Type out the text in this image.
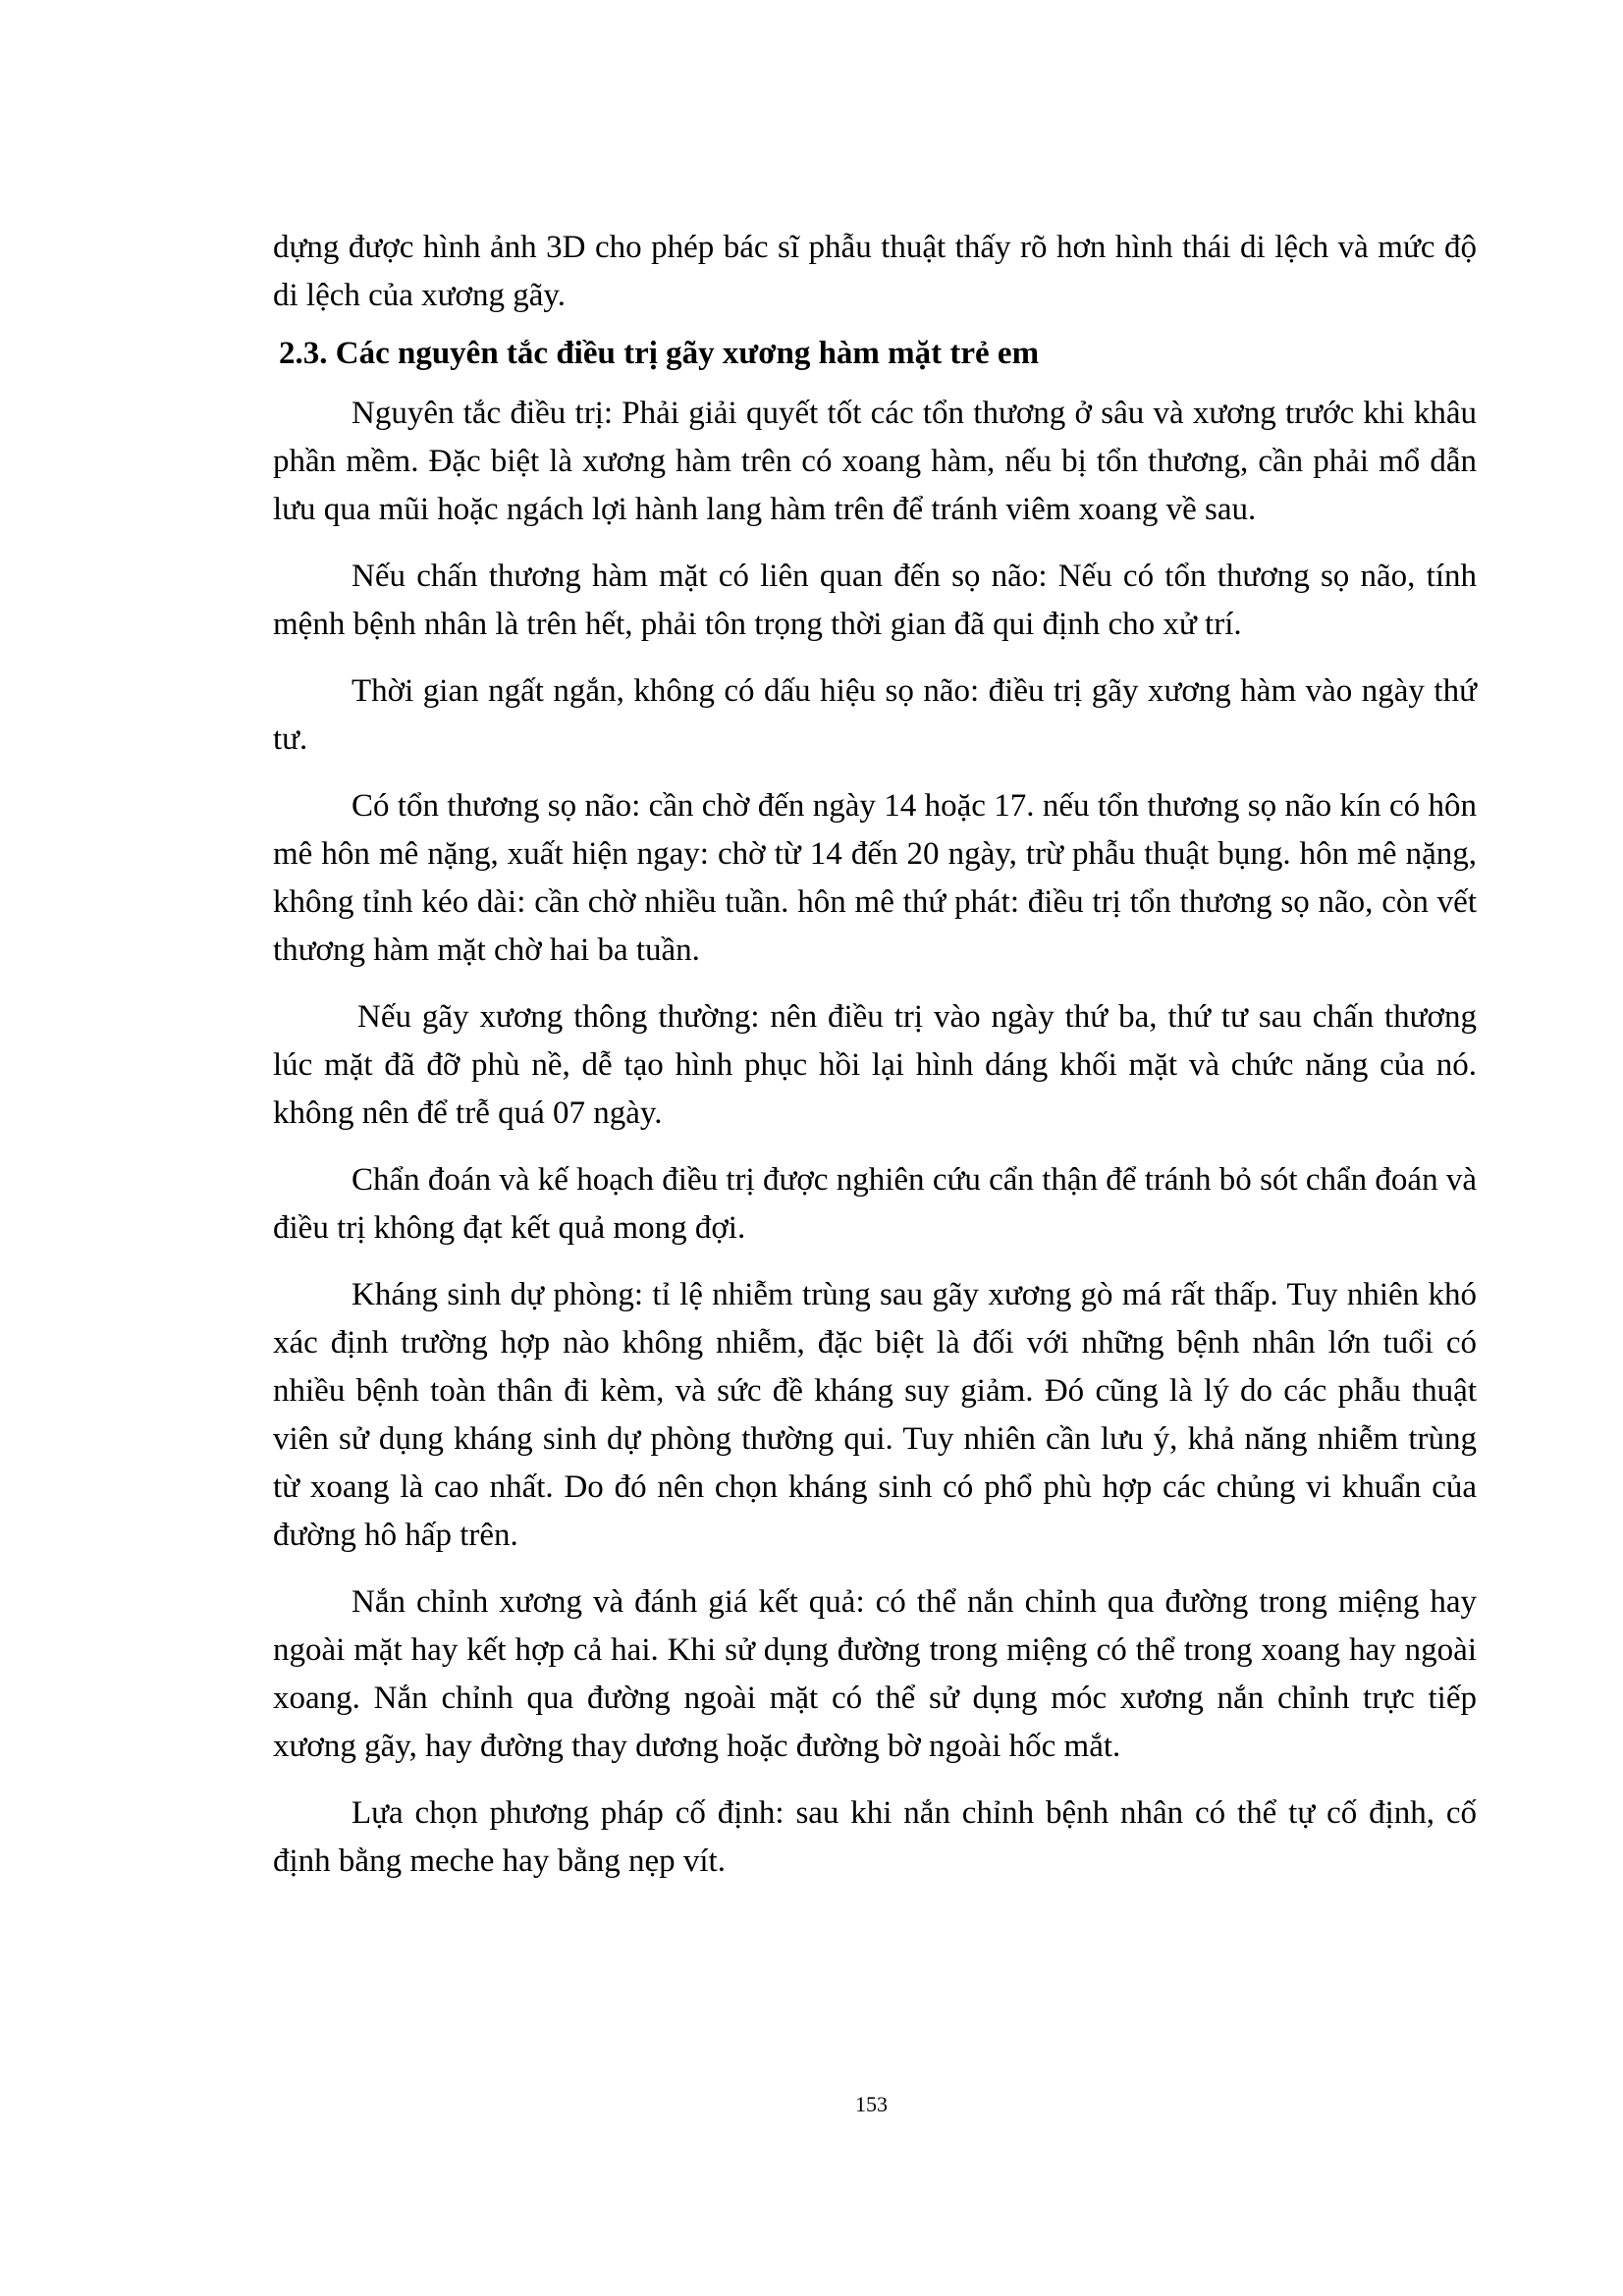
dựng được hình ảnh 3D cho phép bác sĩ phẫu thuật thấy rõ hơn hình thái di lệch và mức độ di lệch của xương gãy.

2.3. Các nguyên tắc điều trị gãy xương hàm mặt trẻ em

Nguyên tắc điều trị: Phải giải quyết tốt các tổn thương ở sâu và xương trước khi khâu phần mềm. Đặc biệt là xương hàm trên có xoang hàm, nếu bị tổn thương, cần phải mổ dẫn lưu qua mũi hoặc ngách lợi hành lang hàm trên để tránh viêm xoang về sau.

Nếu chấn thương hàm mặt có liên quan đến sọ não: Nếu có tổn thương sọ não, tính mệnh bệnh nhân là trên hết, phải tôn trọng thời gian đã qui định cho xử trí.

Thời gian ngất ngắn, không có dấu hiệu sọ não: điều trị gãy xương hàm vào ngày thứ tư.

Có tổn thương sọ não: cần chờ đến ngày 14 hoặc 17. nếu tổn thương sọ não kín có hôn mê hôn mê nặng, xuất hiện ngay: chờ từ 14 đến 20 ngày, trừ phẫu thuật bụng. hôn mê nặng, không tỉnh kéo dài: cần chờ nhiều tuần. hôn mê thứ phát: điều trị tổn thương sọ não, còn vết thương hàm mặt chờ hai ba tuần.

Nếu gãy xương thông thường: nên điều trị vào ngày thứ ba, thứ tư sau chấn thương lúc mặt đã đỡ phù nề, dễ tạo hình phục hồi lại hình dáng khối mặt và chức năng của nó. không nên để trễ quá 07 ngày.

Chẩn đoán và kế hoạch điều trị được nghiên cứu cẩn thận để tránh bỏ sót chẩn đoán và điều trị không đạt kết quả mong đợi.

Kháng sinh dự phòng: tỉ lệ nhiễm trùng sau gãy xương gò má rất thấp. Tuy nhiên khó xác định trường hợp nào không nhiễm, đặc biệt là đối với những bệnh nhân lớn tuổi có nhiều bệnh toàn thân đi kèm, và sức đề kháng suy giảm. Đó cũng là lý do các phẫu thuật viên sử dụng kháng sinh dự phòng thường qui. Tuy nhiên cần lưu ý, khả năng nhiễm trùng từ xoang là cao nhất. Do đó nên chọn kháng sinh có phổ phù hợp các chủng vi khuẩn của đường hô hấp trên.

Nắn chỉnh xương và đánh giá kết quả: có thể nắn chỉnh qua đường trong miệng hay ngoài mặt hay kết hợp cả hai. Khi sử dụng đường trong miệng có thể trong xoang hay ngoài xoang. Nắn chỉnh qua đường ngoài mặt có thể sử dụng móc xương nắn chỉnh trực tiếp xương gãy, hay đường thay dương hoặc đường bờ ngoài hốc mắt.

Lựa chọn phương pháp cố định: sau khi nắn chỉnh bệnh nhân có thể tự cố định, cố định bằng meche hay bằng nẹp vít.

153
